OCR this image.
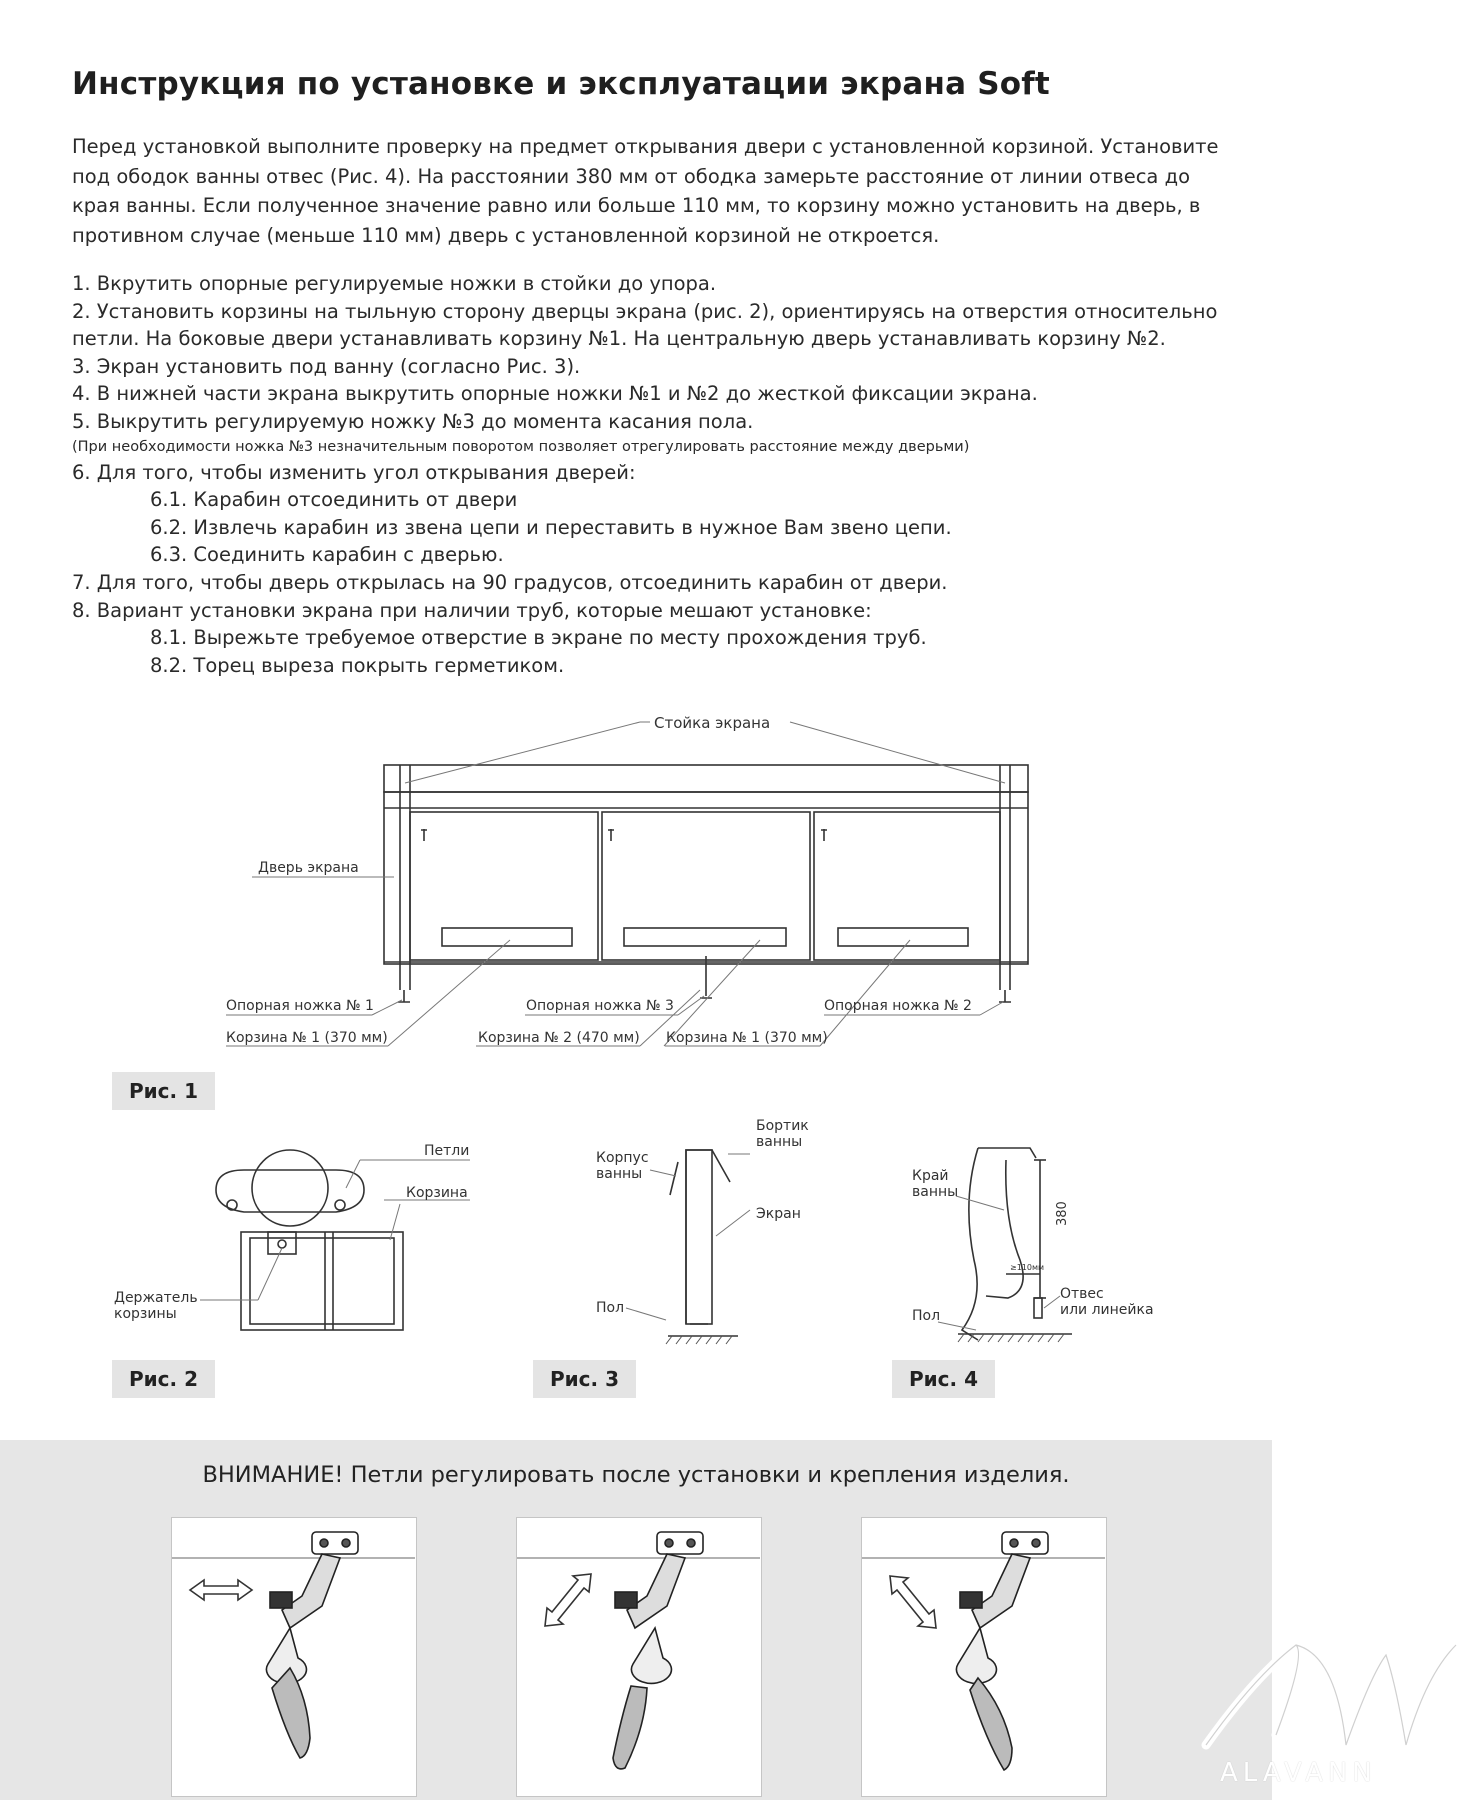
Инструкция по установке и эксплуатации экрана Soft
Перед установкой выполните проверку на предмет открывания двери с установленной корзиной. Установите под ободок ванны отвес (Рис. 4). На расстоянии 380 мм от ободка замерьте расстояние от линии отвеса до края ванны. Если полученное значение равно или больше 110 мм, то корзину можно установить на дверь, в противном случае (меньше 110 мм) дверь с установленной корзиной не откроется.
1. Вкрутить опорные регулируемые ножки в стойки до упора.
2. Установить корзины на тыльную сторону дверцы экрана (рис. 2), ориентируясь на отверстия относительно
петли. На боковые двери устанавливать корзину №1. На центральную дверь устанавливать корзину №2.
3. Экран установить под ванну (согласно Рис. 3).
4. В нижней части экрана выкрутить опорные ножки №1 и №2 до жесткой фиксации экрана.
5. Выкрутить регулируемую ножку №3 до момента касания пола.
(При необходимости ножка №3 незначительным поворотом позволяет отрегулировать расстояние между дверьми)
6. Для того, чтобы изменить угол открывания дверей:
6.1. Карабин отсоединить от двери
6.2. Извлечь карабин из звена цепи и переставить в нужное Вам звено цепи.
6.3. Соединить карабин с дверью.
7. Для того, чтобы дверь открылась на 90 градусов, отсоединить карабин от двери.
8. Вариант установки экрана при наличии труб, которые мешают установке:
8.1. Вырежьте требуемое отверстие в экране по месту прохождения труб.
8.2. Торец выреза покрыть герметиком.
Стойка экрана
Дверь экрана
Опорная ножка № 1	Опорная ножка № 3	Опорная ножка № 2
Корзина № 1 (370 мм)	Корзина № 2 (470 мм) Корзина № 1 (370 мм)
Петли
Корзина
Держатель
корзины
Бортик
ванны
Корпус
ванны
Экран
Пол
380
≥110мм
Край
ванны
Отвес
или линейка
Пол
Рис. 1
Рис. 2	Рис. 3	Рис. 4
ВНИМАНИЕ! Петли регулировать после установки и крепления изделия.
ALAVANN
